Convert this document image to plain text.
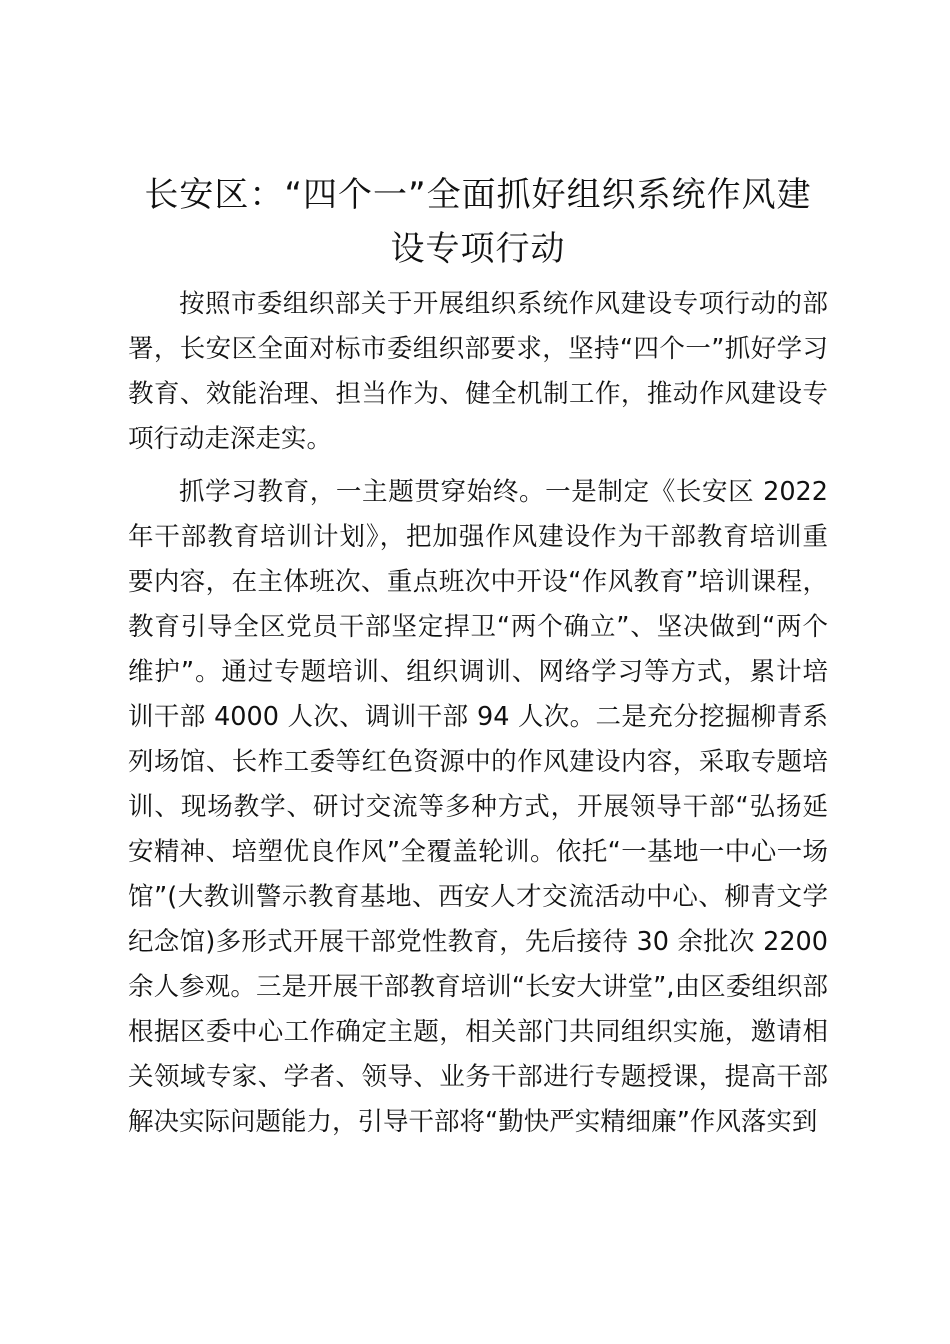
长安区：“四个一”全面抓好组织系统作风建
设专项行动

按照市委组织部关于开展组织系统作风建设专项行动的部署，长安区全面对标市委组织部要求，坚持“四个一”抓好学习教育、效能治理、担当作为、健全机制工作，推动作风建设专项行动走深走实。

抓学习教育，一主题贯穿始终。一是制定《长安区 2022 年干部教育培训计划》，把加强作风建设作为干部教育培训重要内容，在主体班次、重点班次中开设“作风教育”培训课程，教育引导全区党员干部坚定捍卫“两个确立”、坚决做到“两个维护”。通过专题培训、组织调训、网络学习等方式，累计培训干部 4000 人次、调训干部 94 人次。二是充分挖掘柳青系列场馆、长柞工委等红色资源中的作风建设内容，采取专题培训、现场教学、研讨交流等多种方式，开展领导干部“弘扬延安精神、培塑优良作风”全覆盖轮训。依托“一基地一中心一场馆”(大教训警示教育基地、西安人才交流活动中心、柳青文学纪念馆)多形式开展干部党性教育，先后接待 30 余批次 2200 余人参观。三是开展干部教育培训“长安大讲堂”,由区委组织部根据区委中心工作确定主题，相关部门共同组织实施，邀请相关领域专家、学者、领导、业务干部进行专题授课，提高干部解决实际问题能力，引导干部将“勤快严实精细廉”作风落实到
